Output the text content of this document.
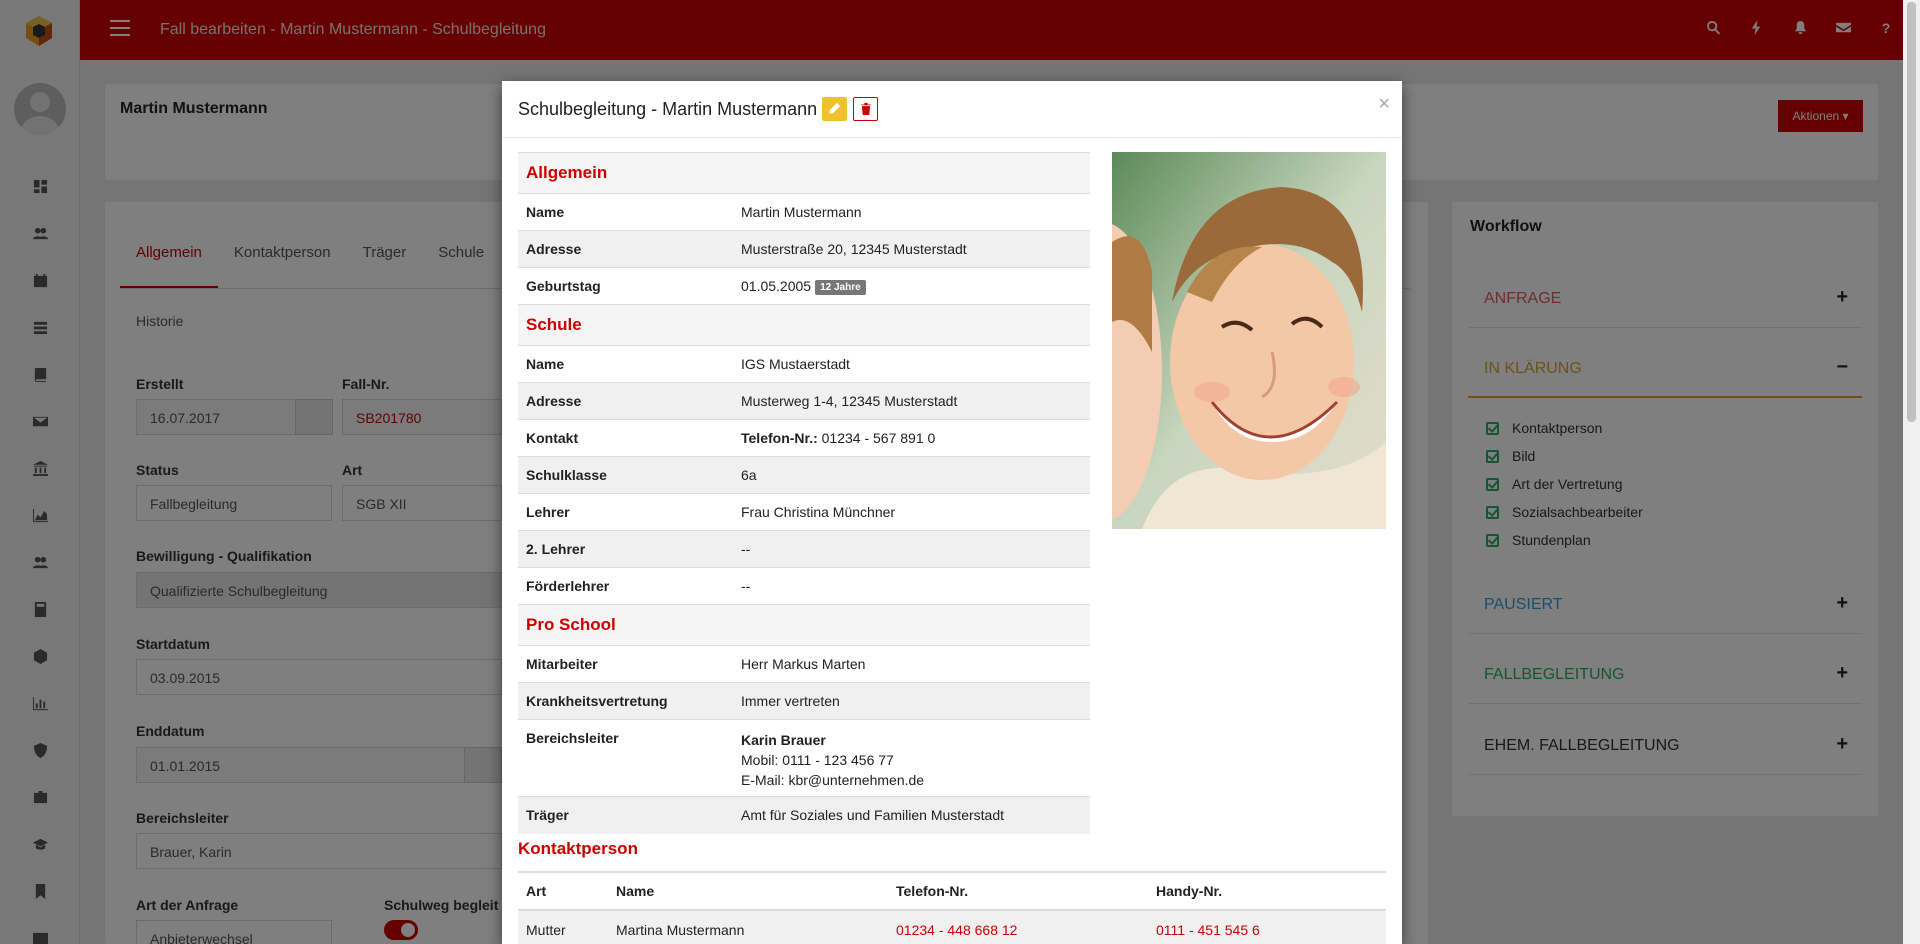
Schulbegleitung - Martin Mustermann	×
Allgemein	
Name	Martin Mustermann
Adresse	Musterstraße 20, 12345 Musterstadt
Geburtstag	01.05.2005 12 Jahre
Schule	
Name	IGS Mustaerstadt
Adresse	Musterweg 1-4, 12345 Musterstadt
Kontakt	Telefon-Nr.: 01234 - 567 891 0
Schulklasse	6a
Lehrer	Frau Christina Münchner
2. Lehrer	--
Förderlehrer	--
Pro School	
Mitarbeiter	Herr Markus Marten
Krankheitsvertretung	Immer vertreten
Bereichsleiter	Karin Brauer
Mobil: 0111 - 123 456 77
E-Mail: kbr@unternehmen.de
Träger	Amt für Soziales und Familien Musterstadt
Kontaktperson
Art	Name	Telefon-Nr.	Handy-Nr.
Mutter	Martina Mustermann	01234 - 448 668 12	0111 - 451 545 6
